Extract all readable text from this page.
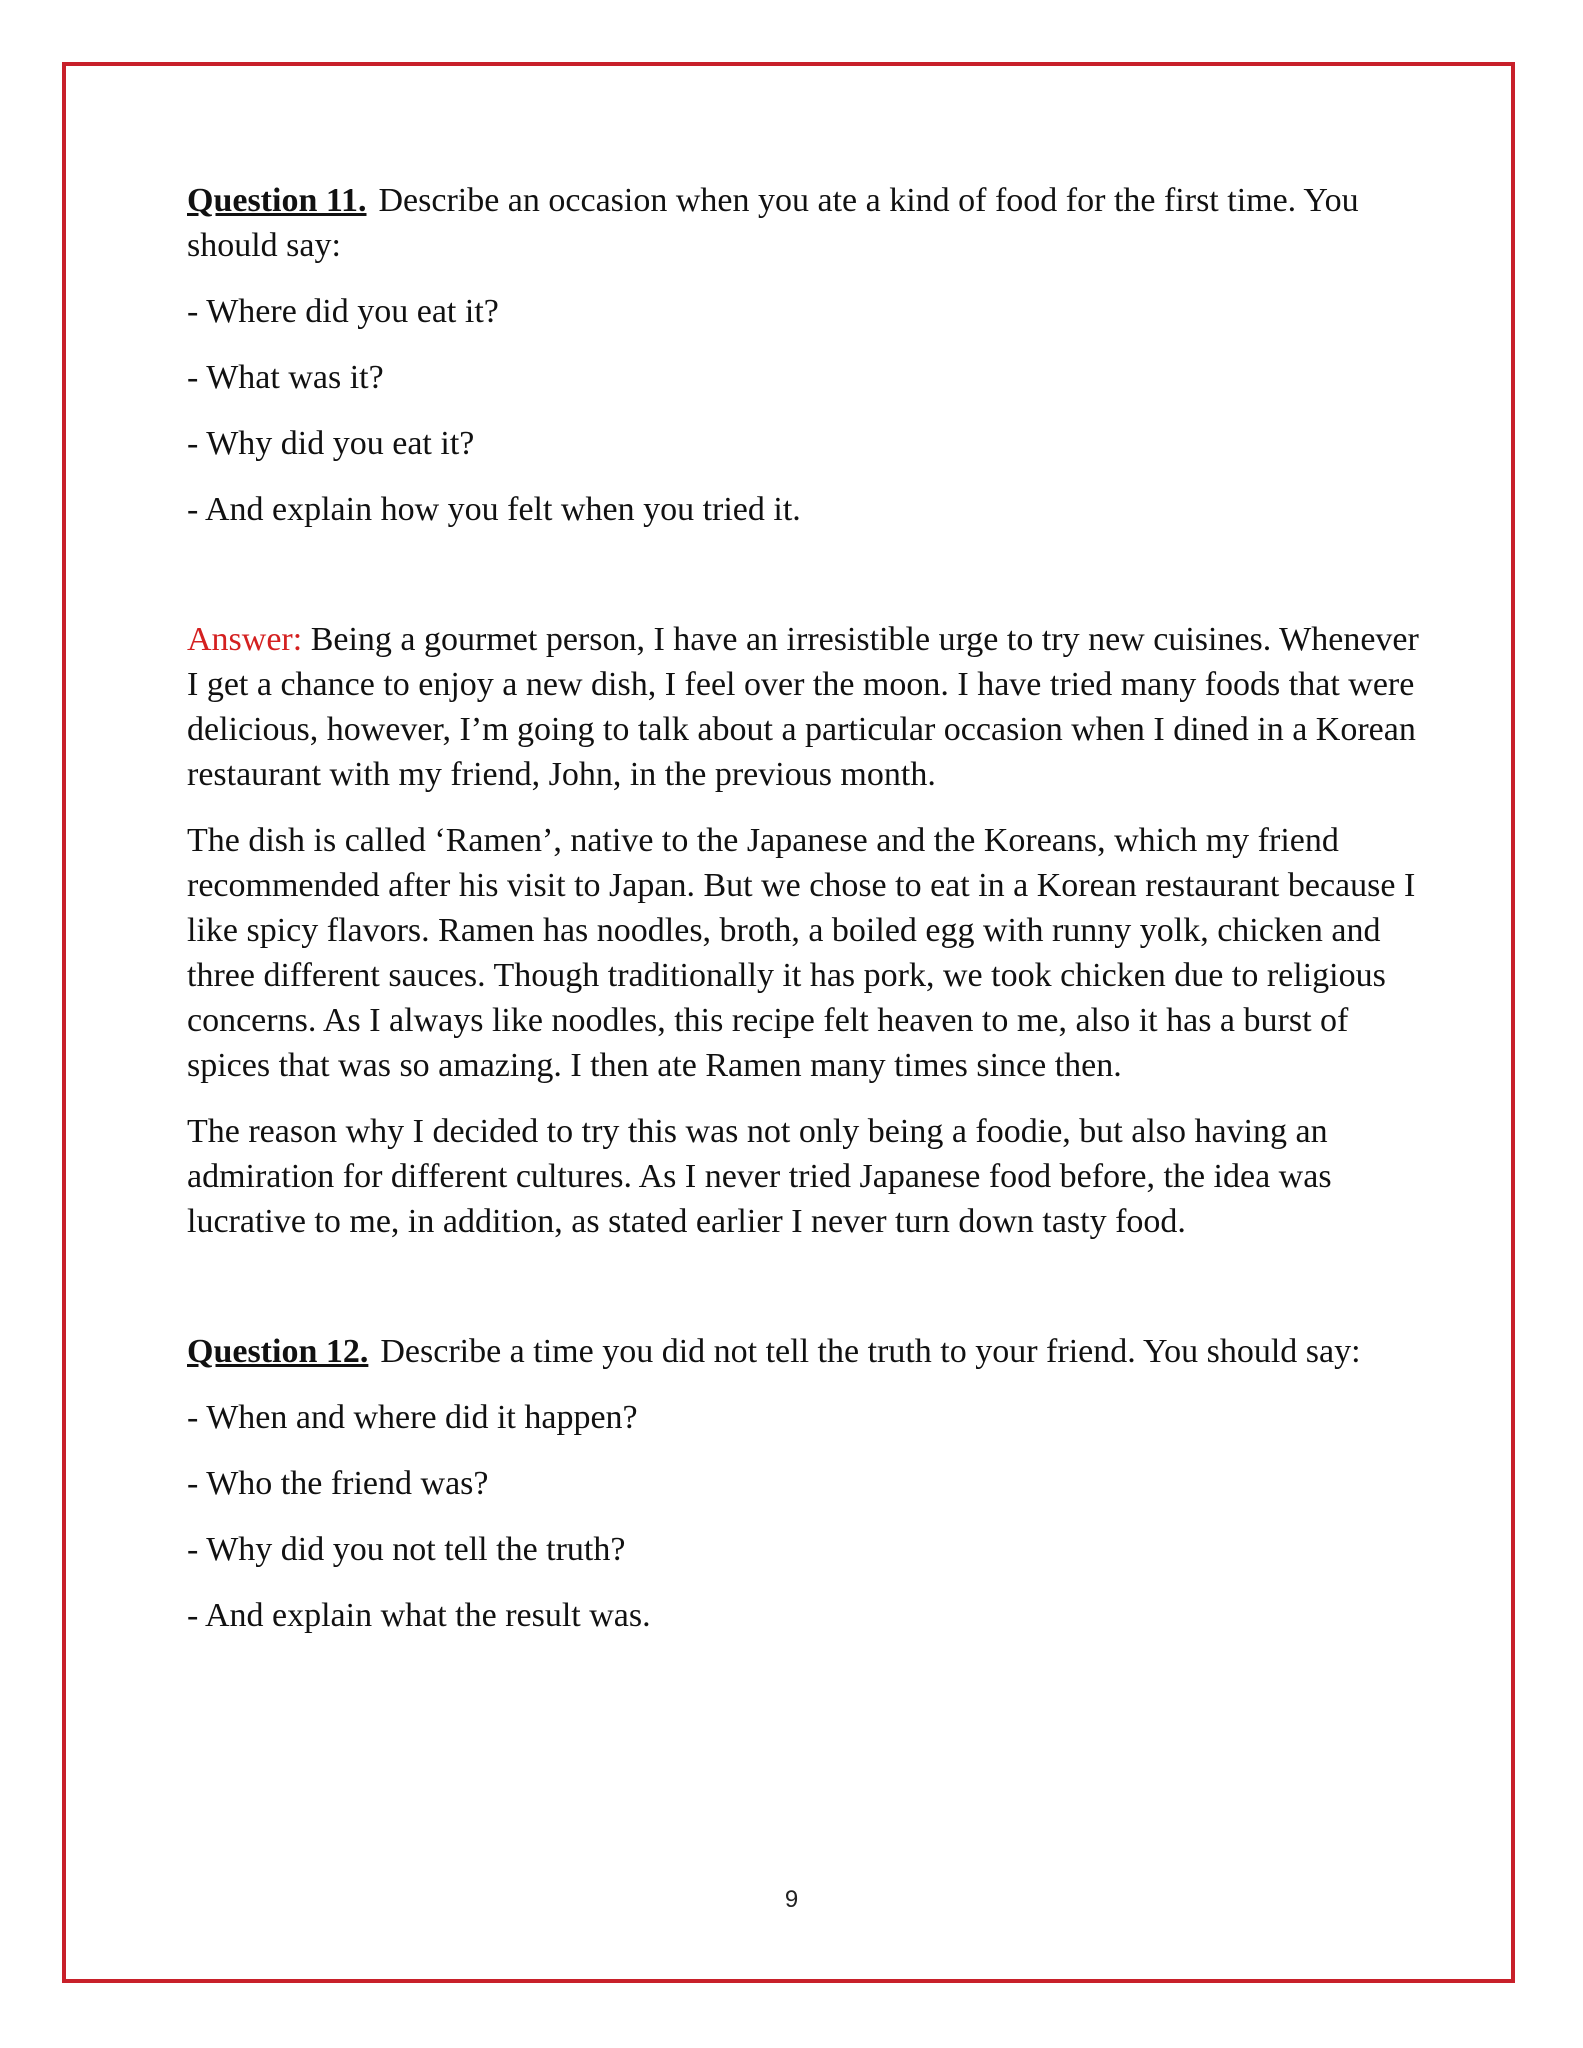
Question 11. Describe an occasion when you ate a kind of food for the first time. You should say:

- Where did you eat it?

- What was it?

- Why did you eat it?

- And explain how you felt when you tried it.

Answer: Being a gourmet person, I have an irresistible urge to try new cuisines. Whenever I get a chance to enjoy a new dish, I feel over the moon. I have tried many foods that were delicious, however, I’m going to talk about a particular occasion when I dined in a Korean restaurant with my friend, John, in the previous month.

The dish is called ‘Ramen’, native to the Japanese and the Koreans, which my friend recommended after his visit to Japan. But we chose to eat in a Korean restaurant because I like spicy flavors. Ramen has noodles, broth, a boiled egg with runny yolk, chicken and three different sauces. Though traditionally it has pork, we took chicken due to religious concerns. As I always like noodles, this recipe felt heaven to me, also it has a burst of spices that was so amazing. I then ate Ramen many times since then.

The reason why I decided to try this was not only being a foodie, but also having an admiration for different cultures. As I never tried Japanese food before, the idea was lucrative to me, in addition, as stated earlier I never turn down tasty food.

Question 12. Describe a time you did not tell the truth to your friend. You should say:

- When and where did it happen?

- Who the friend was?

- Why did you not tell the truth?

- And explain what the result was.

9
